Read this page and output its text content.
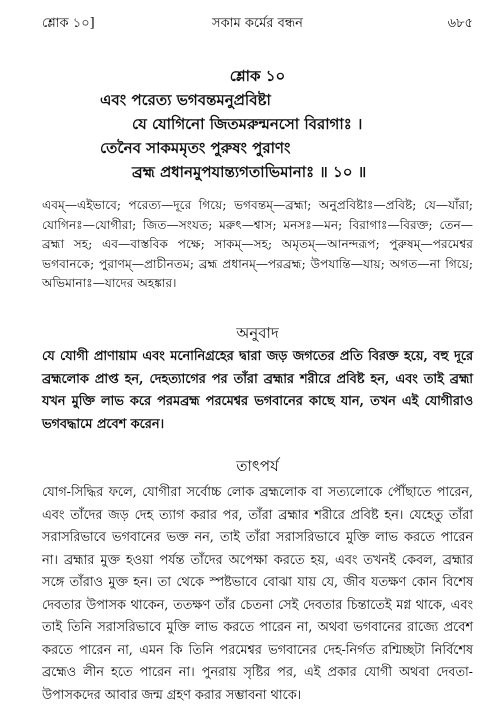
শ্লোক ১০]	সকাম কর্মের বন্ধন	৬৮৫
শ্লোক ১০
এবং পরেত্য ভগবন্তমনুপ্রবিষ্টা
যে যোগিনো জিতমরুন্মনসো বিরাগাঃ ।
তেনৈব সাকমমৃতং পুরুষং পুরাণং
ব্রহ্ম প্রধানমুপযান্ত্যগতাভিমানাঃ ॥ ১০ ॥
এবম্—এইভাবে; পরেত্য—দূরে গিয়ে; ভগবন্তম্—ব্রহ্মা; অনুপ্রবিষ্টাঃ—প্রবিষ্ট; যে—যাঁরা; যোগিনঃ—যোগীরা; জিত—সংযত; মরুৎ—শ্বাস; মনসঃ—মন; বিরাগাঃ—বিরক্ত; তেন—ব্রহ্মা সহ; এব—বাস্তবিক পক্ষে; সাকম্—সহ; অমৃতম্—আনন্দরূপ; পুরুষম্—পরমেশ্বর ভগবানকে; পুরাণম্—প্রাচীনতম; ব্রহ্ম প্রধানম্—পরব্রহ্ম; উপযান্তি—যায়; অগত—না গিয়ে; অভিমানাঃ—যাদের অহঙ্কার।
অনুবাদ
যে যোগী প্রাণায়াম এবং মনোনিগ্রহের দ্বারা জড় জগতের প্রতি বিরক্ত হয়ে, বহু দূরে ব্রহ্মলোক প্রাপ্ত হন, দেহত্যাগের পর তাঁরা ব্রহ্মার শরীরে প্রবিষ্ট হন, এবং তাই ব্রহ্মা যখন মুক্তি লাভ করে পরমব্রহ্ম পরমেশ্বর ভগবানের কাছে যান, তখন এই যোগীরাও ভগবদ্ধামে প্রবেশ করেন।
তাৎপর্য
যোগ-সিদ্ধির ফলে, যোগীরা সর্বোচ্চ লোক ব্রহ্মলোক বা সত্যলোকে পৌঁছাতে পারেন, এবং তাঁদের জড় দেহ ত্যাগ করার পর, তাঁরা ব্রহ্মার শরীরে প্রবিষ্ট হন। যেহেতু তাঁরা সরাসরিভাবে ভগবানের ভক্ত নন, তাই তাঁরা সরাসরিভাবে মুক্তি লাভ করতে পারেন না। ব্রহ্মার মুক্ত হওয়া পর্যন্ত তাঁদের অপেক্ষা করতে হয়, এবং তখনই কেবল, ব্রহ্মার সঙ্গে তাঁরাও মুক্ত হন। তা থেকে স্পষ্টভাবে বোঝা যায় যে, জীব যতক্ষণ কোন বিশেষ দেবতার উপাসক থাকেন, ততক্ষণ তাঁর চেতনা সেই দেবতার চিন্তাতেই মগ্ন থাকে, এবং তাই তিনি সরাসরিভাবে মুক্তি লাভ করতে পারেন না, অথবা ভগবানের রাজ্যে প্রবেশ করতে পারেন না, এমন কি তিনি পরমেশ্বর ভগবানের দেহ-নির্গত রশ্মিচ্ছটা নির্বিশেষ ব্রহ্মেও লীন হতে পারেন না। পুনরায় সৃষ্টির পর, এই প্রকার যোগী অথবা দেবতা-উপাসকদের আবার জন্ম গ্রহণ করার সম্ভাবনা থাকে।
